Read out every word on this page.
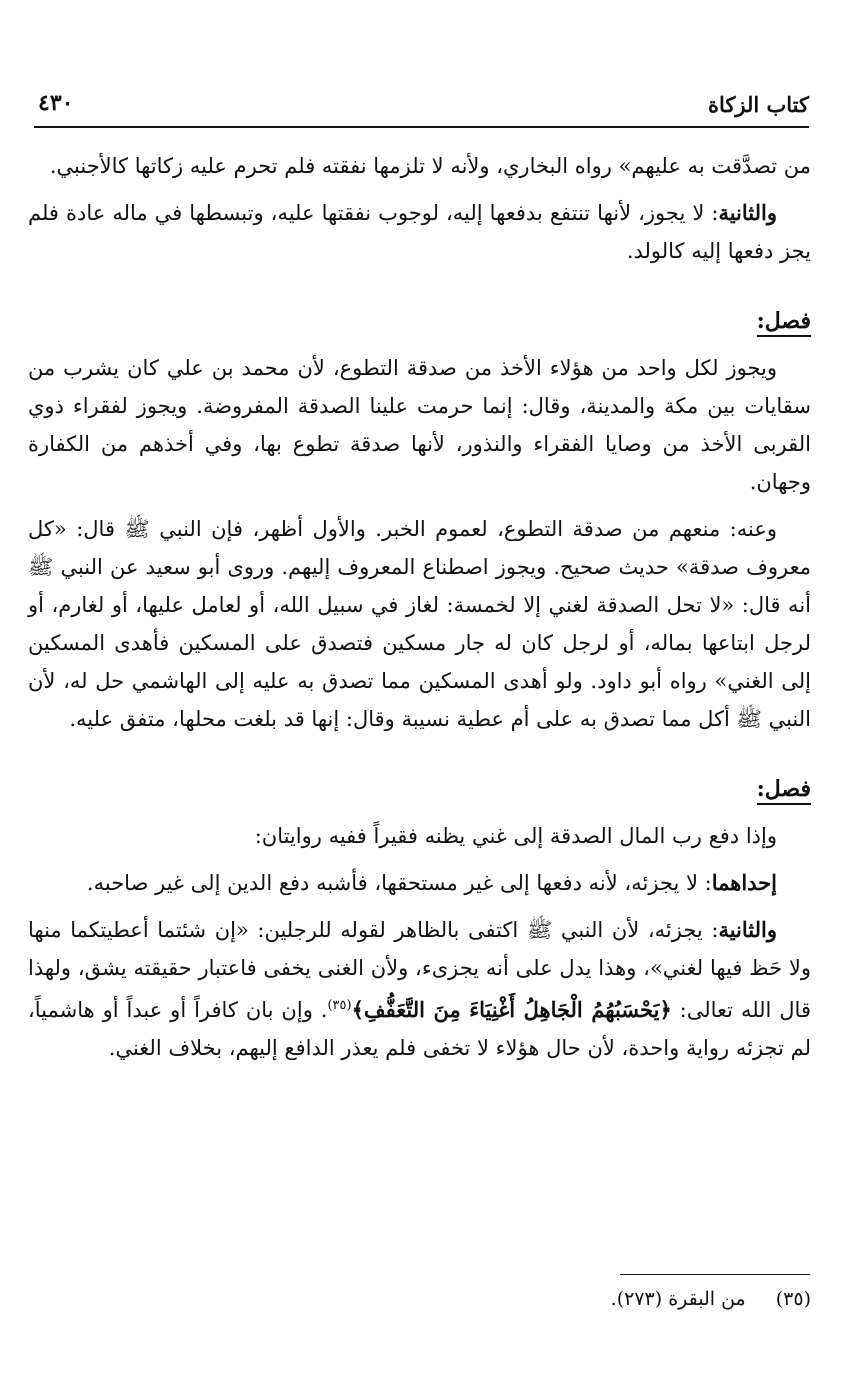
كتاب الزكاة
٤٣٠

من تصدَّقت به عليهم» رواه البخاري، ولأنه لا تلزمها نفقته فلم تحرم عليه زكاتها كالأجنبي.

والثانية: لا يجوز، لأنها تنتفع بدفعها إليه، لوجوب نفقتها عليه، وتبسطها في ماله عادة فلم يجز دفعها إليه كالولد.

فصل:

ويجوز لكل واحد من هؤلاء الأخذ من صدقة التطوع، لأن محمد بن علي كان يشرب من سقايات بين مكة والمدينة، وقال: إنما حرمت علينا الصدقة المفروضة. ويجوز لفقراء ذوي القربى الأخذ من وصايا الفقراء والنذور، لأنها صدقة تطوع بها، وفي أخذهم من الكفارة وجهان.

وعنه: منعهم من صدقة التطوع، لعموم الخبر. والأول أظهر، فإن النبي ﷺ قال: «كل معروف صدقة» حديث صحيح. ويجوز اصطناع المعروف إليهم. وروى أبو سعيد عن النبي ﷺ أنه قال: «لا تحل الصدقة لغني إلا لخمسة: لغاز في سبيل الله، أو لعامل عليها، أو لغارم، أو لرجل ابتاعها بماله، أو لرجل كان له جار مسكين فتصدق على المسكين فأهدى المسكين إلى الغني» رواه أبو داود. ولو أهدى المسكين مما تصدق به عليه إلى الهاشمي حل له، لأن النبي ﷺ أكل مما تصدق به على أم عطية نسيبة وقال: إنها قد بلغت محلها، متفق عليه.

فصل:

وإذا دفع رب المال الصدقة إلى غني يظنه فقيراً ففيه روايتان:

إحداهما: لا يجزئه، لأنه دفعها إلى غير مستحقها، فأشبه دفع الدين إلى غير صاحبه.

والثانية: يجزئه، لأن النبي ﷺ اكتفى بالظاهر لقوله للرجلين: «إن شئتما أعطيتكما منها ولا حَظ فيها لغني»، وهذا يدل على أنه يجزىء، ولأن الغنى يخفى فاعتبار حقيقته يشق، ولهذا قال الله تعالى: ﴿يَحْسَبُهُمُ الْجَاهِلُ أَغْنِيَاءَ مِنَ التَّعَفُّفِ﴾$^{(٣٥)}$. وإن بان كافراً أو عبداً أو هاشمياً، لم تجزئه رواية واحدة، لأن حال هؤلاء لا تخفى فلم يعذر الدافع إليهم، بخلاف الغني.

(٣٥)من البقرة (٢٧٣).
